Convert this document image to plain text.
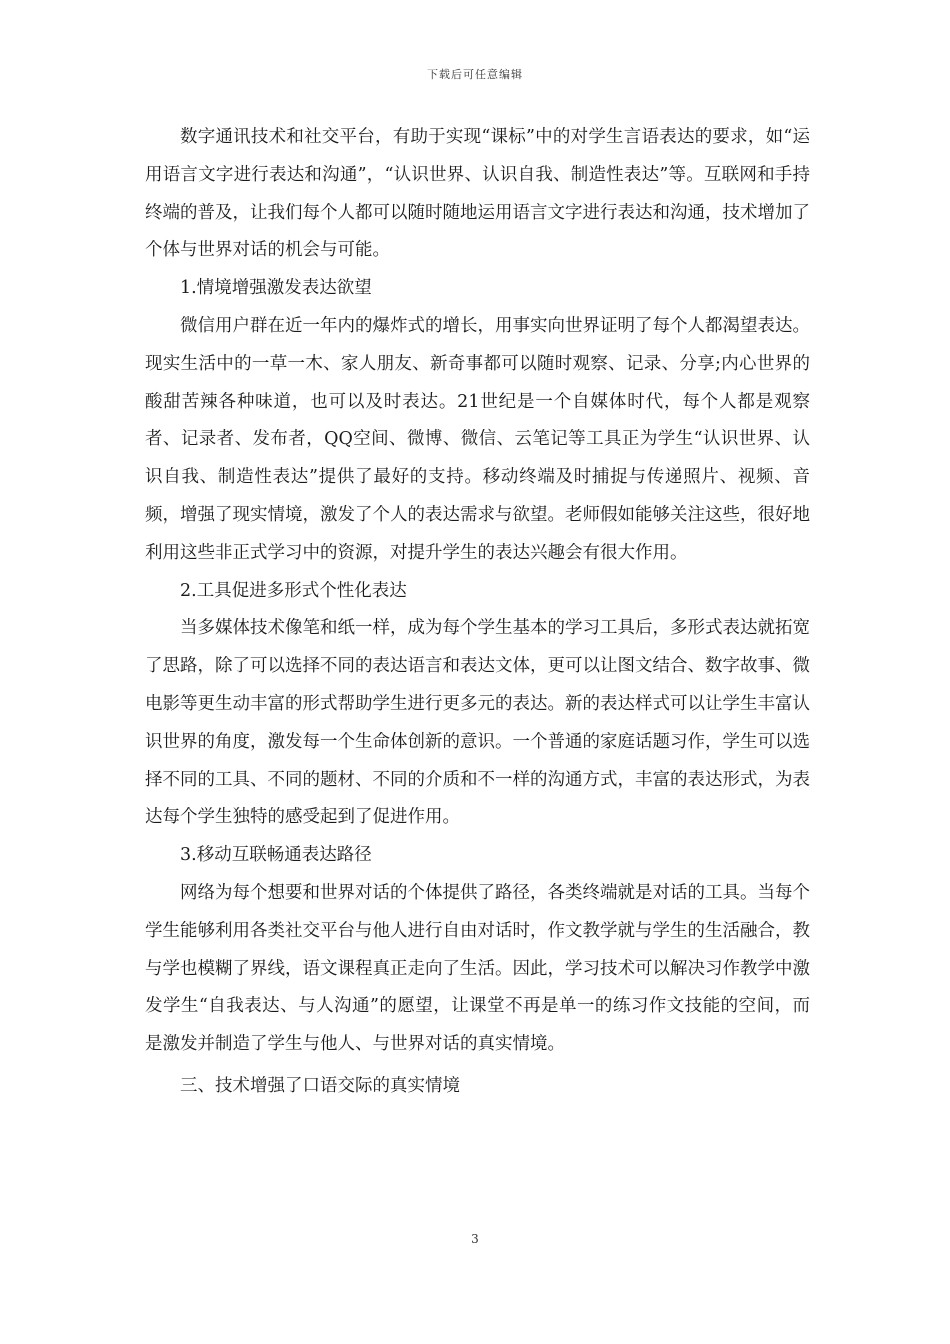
下载后可任意编辑

数字通讯技术和社交平台，有助于实现“课标”中的对学生言语表达的要求，如“运用语言文字进行表达和沟通”，“认识世界、认识自我、制造性表达”等。互联网和手持终端的普及，让我们每个人都可以随时随地运用语言文字进行表达和沟通，技术增加了个体与世界对话的机会与可能。

1.情境增强激发表达欲望

微信用户群在近一年内的爆炸式的增长，用事实向世界证明了每个人都渴望表达。现实生活中的一草一木、家人朋友、新奇事都可以随时观察、记录、分享;内心世界的酸甜苦辣各种味道，也可以及时表达。21世纪是一个自媒体时代，每个人都是观察者、记录者、发布者，QQ空间、微博、微信、云笔记等工具正为学生“认识世界、认识自我、制造性表达”提供了最好的支持。移动终端及时捕捉与传递照片、视频、音频，增强了现实情境，激发了个人的表达需求与欲望。老师假如能够关注这些，很好地利用这些非正式学习中的资源，对提升学生的表达兴趣会有很大作用。

2.工具促进多形式个性化表达

当多媒体技术像笔和纸一样，成为每个学生基本的学习工具后，多形式表达就拓宽了思路，除了可以选择不同的表达语言和表达文体，更可以让图文结合、数字故事、微电影等更生动丰富的形式帮助学生进行更多元的表达。新的表达样式可以让学生丰富认识世界的角度，激发每一个生命体创新的意识。一个普通的家庭话题习作，学生可以选择不同的工具、不同的题材、不同的介质和不一样的沟通方式，丰富的表达形式，为表达每个学生独特的感受起到了促进作用。

3.移动互联畅通表达路径

网络为每个想要和世界对话的个体提供了路径，各类终端就是对话的工具。当每个学生能够利用各类社交平台与他人进行自由对话时，作文教学就与学生的生活融合，教与学也模糊了界线，语文课程真正走向了生活。因此，学习技术可以解决习作教学中激发学生“自我表达、与人沟通”的愿望，让课堂不再是单一的练习作文技能的空间，而是激发并制造了学生与他人、与世界对话的真实情境。

三、技术增强了口语交际的真实情境

3
